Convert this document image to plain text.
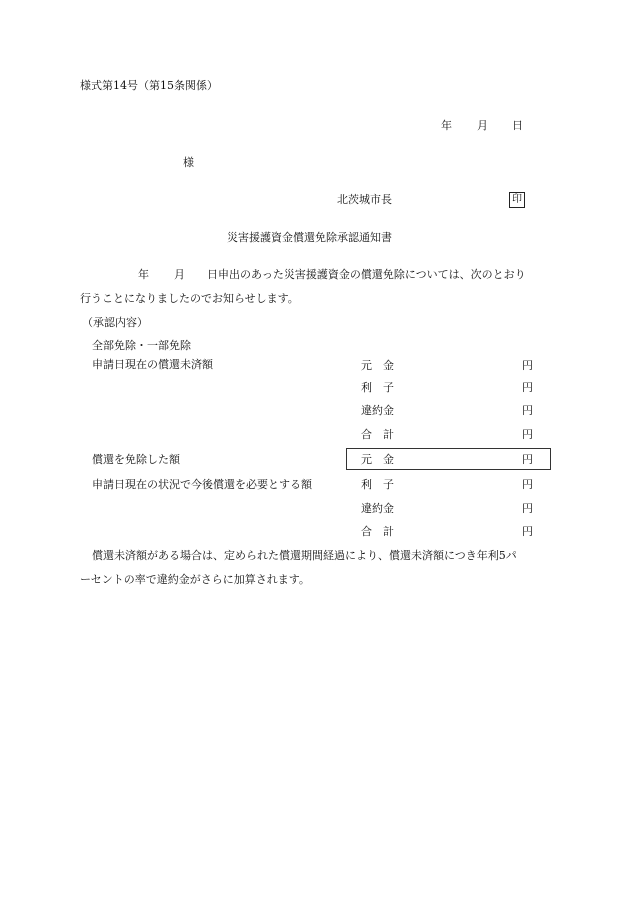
様式第14号（第15条関係）
年 月 日
様
北茨城市長	印
災害援護資金償還免除承認通知書
年 月 日申出のあった災害援護資金の償還免除については、次のとおり
行うことになりましたのでお知らせします。
（承認内容）
全部免除・一部免除
申請日現在の償還未済額	元　金	円
利　子	円
違約金	円
合　計	円
償還を免除した額	元　金	円
申請日現在の状況で今後償還を必要とする額	利　子	円
違約金	円
合　計	円
償還未済額がある場合は、定められた償還期間経過により、償還未済額につき年利5パ
ーセントの率で違約金がさらに加算されます。
